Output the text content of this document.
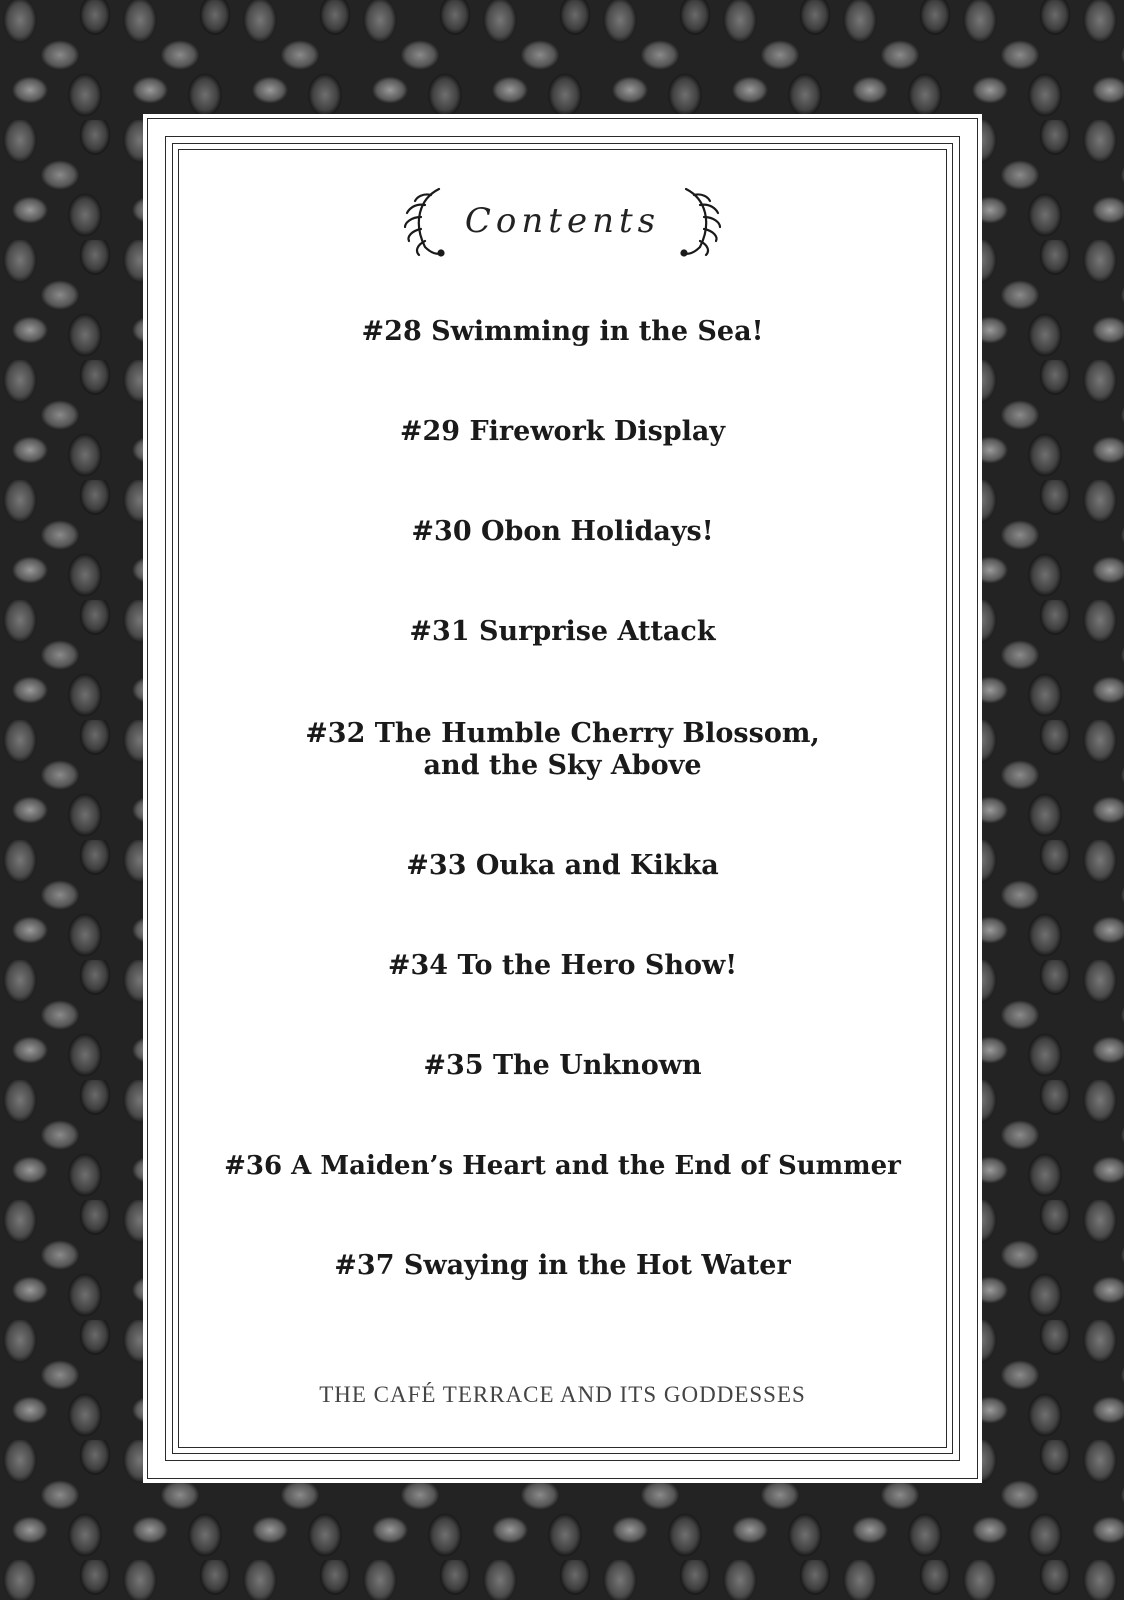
Contents
#28 Swimming in the Sea!
#29 Firework Display
#30 Obon Holidays!
#31 Surprise Attack
#32 The Humble Cherry Blossom,
and the Sky Above
#33 Ouka and Kikka
#34 To the Hero Show!
#35 The Unknown
#36 A Maiden’s Heart and the End of Summer
#37 Swaying in the Hot Water
THE CAFÉ TERRACE AND ITS GODDESSES
